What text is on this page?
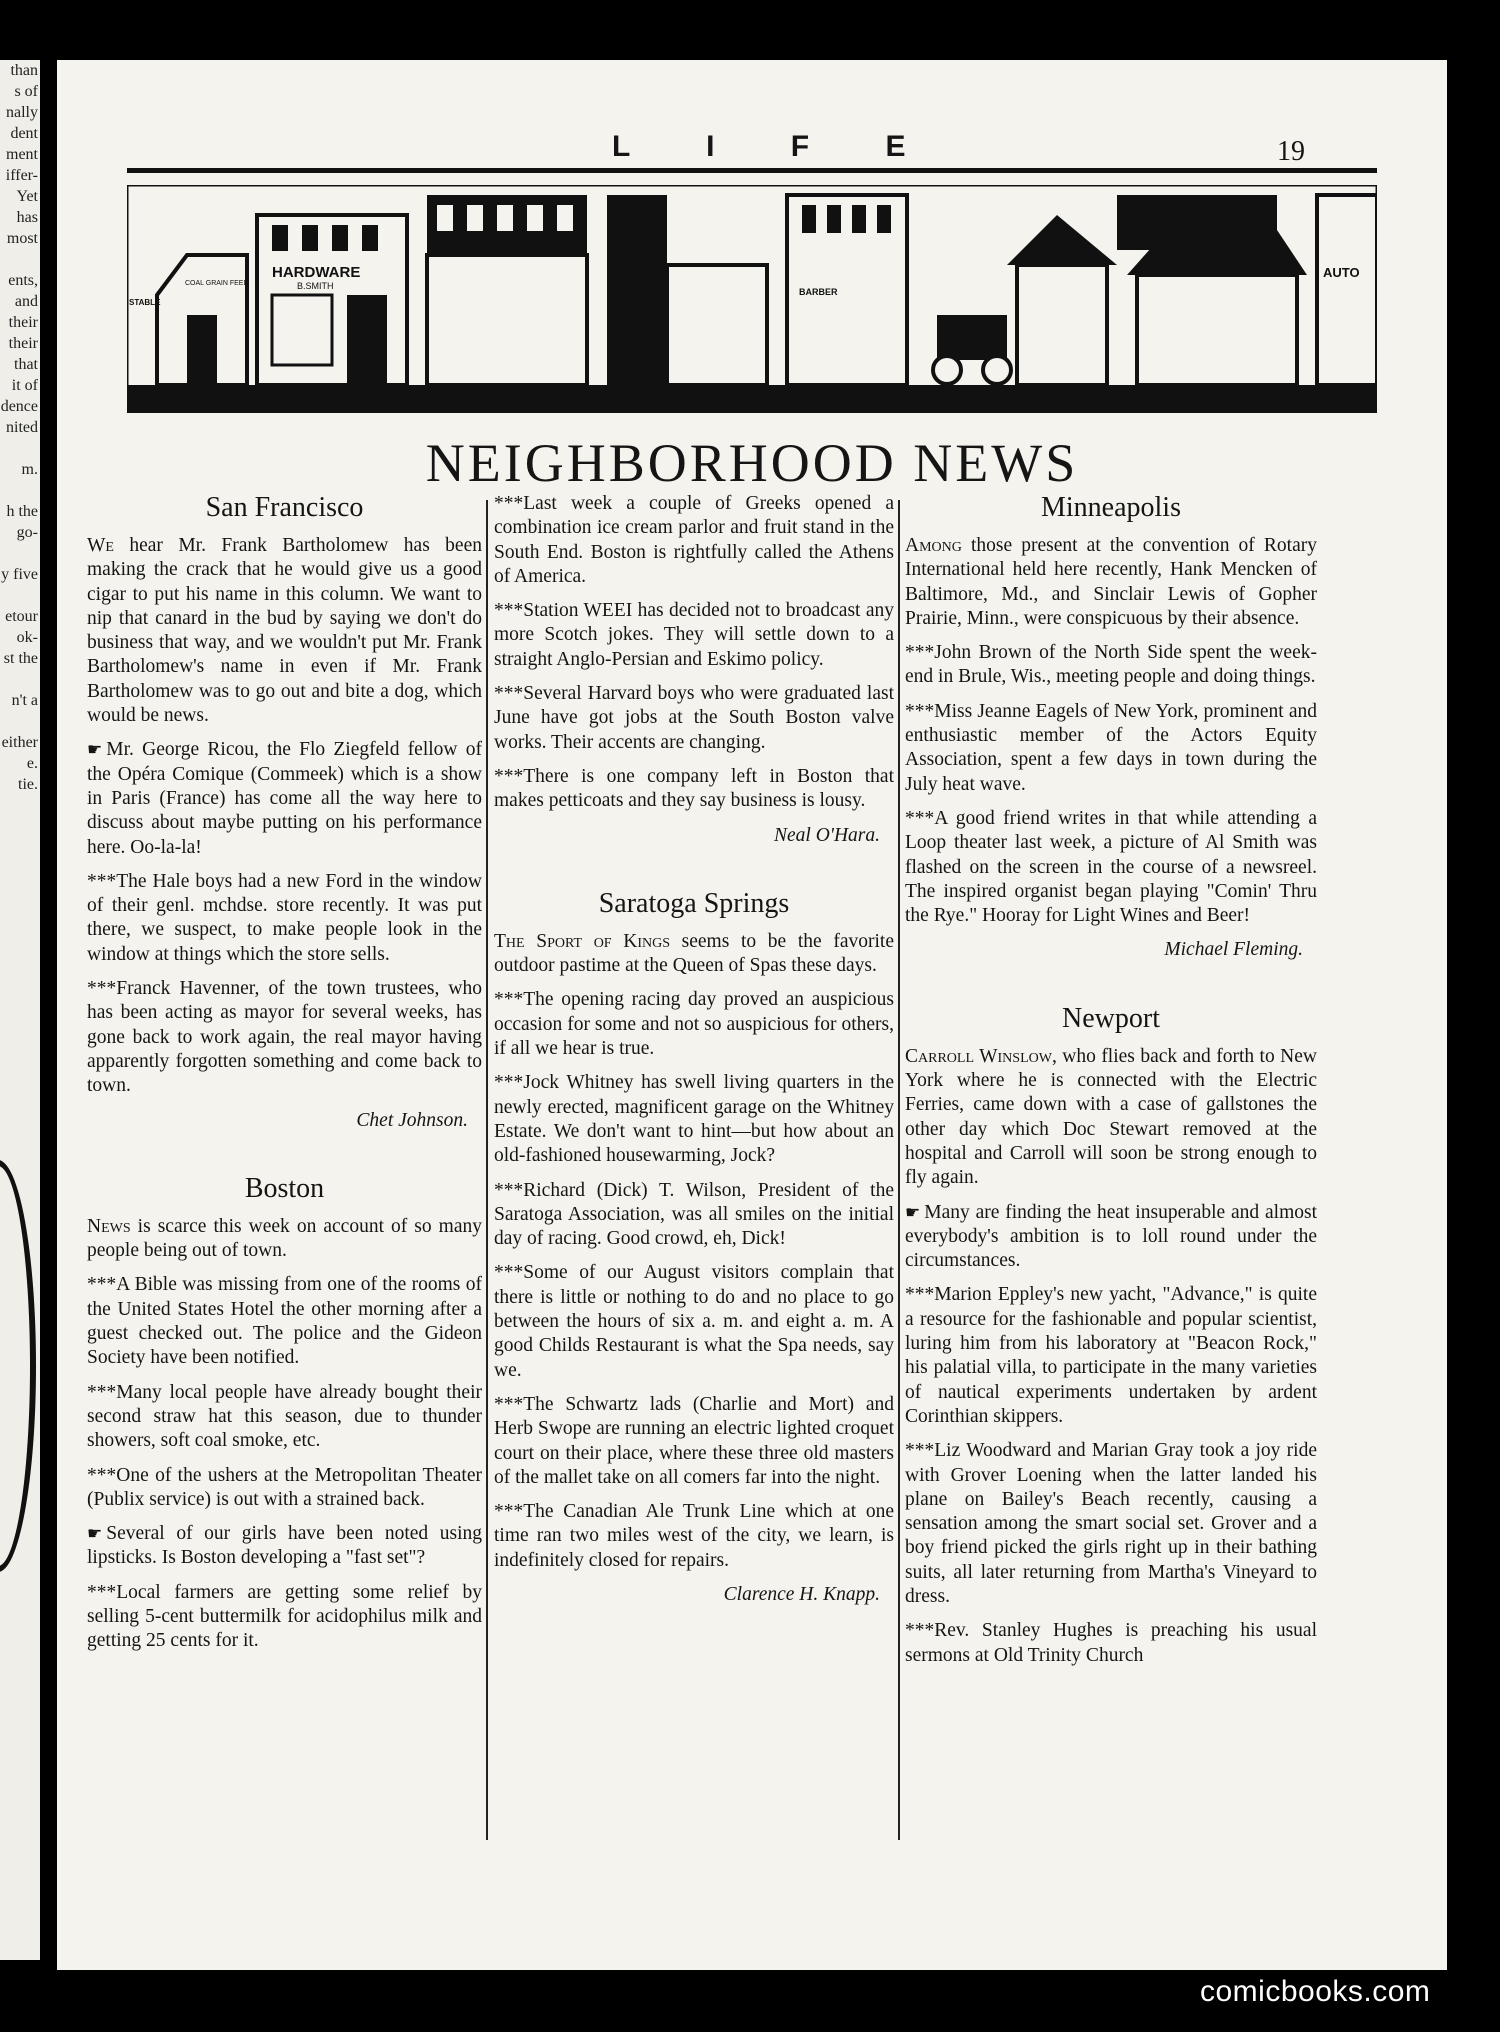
than
s of
nally
dent
ment
iffer-
Yet
has
most

ents,
and
their
their
that
it of
dence
nited

m.

h the
go-

y five

etour
ok-
st the

n't a

either
e.
tie.
L I F E	19
HARDWARE
B.SMITH
COAL GRAIN FEED
STABLE
BARBER
AUTO
NEIGHBORHOOD NEWS
San Francisco

We hear Mr. Frank Bartholomew has been making the crack that he would give us a good cigar to put his name in this column. We want to nip that canard in the bud by saying we don't do business that way, and we wouldn't put Mr. Frank Bartholomew's name in even if Mr. Frank Bartholomew was to go out and bite a dog, which would be news.

☛ Mr. George Ricou, the Flo Ziegfeld fellow of the Opéra Comique (Commeek) which is a show in Paris (France) has come all the way here to discuss about maybe putting on his performance here. Oo-la-la!

***The Hale boys had a new Ford in the window of their genl. mchdse. store recently. It was put there, we suspect, to make people look in the window at things which the store sells.

***Franck Havenner, of the town trustees, who has been acting as mayor for several weeks, has gone back to work again, the real mayor having apparently forgotten something and come back to town.

Chet Johnson.

Boston

News is scarce this week on account of so many people being out of town.

***A Bible was missing from one of the rooms of the United States Hotel the other morning after a guest checked out. The police and the Gideon Society have been notified.

***Many local people have already bought their second straw hat this season, due to thunder showers, soft coal smoke, etc.

***One of the ushers at the Metropolitan Theater (Publix service) is out with a strained back.

☛ Several of our girls have been noted using lipsticks. Is Boston developing a "fast set"?

***Local farmers are getting some relief by selling 5-cent buttermilk for acidophilus milk and getting 25 cents for it.

***Last week a couple of Greeks opened a combination ice cream parlor and fruit stand in the South End. Boston is rightfully called the Athens of America.

***Station WEEI has decided not to broadcast any more Scotch jokes. They will settle down to a straight Anglo-Persian and Eskimo policy.

***Several Harvard boys who were graduated last June have got jobs at the South Boston valve works. Their accents are changing.

***There is one company left in Boston that makes petticoats and they say business is lousy.

Neal O'Hara.

Saratoga Springs

The Sport of Kings seems to be the favorite outdoor pastime at the Queen of Spas these days.

***The opening racing day proved an auspicious occasion for some and not so auspicious for others, if all we hear is true.

***Jock Whitney has swell living quarters in the newly erected, magnificent garage on the Whitney Estate. We don't want to hint—but how about an old-fashioned housewarming, Jock?

***Richard (Dick) T. Wilson, President of the Saratoga Association, was all smiles on the initial day of racing. Good crowd, eh, Dick!

***Some of our August visitors complain that there is little or nothing to do and no place to go between the hours of six a. m. and eight a. m. A good Childs Restaurant is what the Spa needs, say we.

***The Schwartz lads (Charlie and Mort) and Herb Swope are running an electric lighted croquet court on their place, where these three old masters of the mallet take on all comers far into the night.

***The Canadian Ale Trunk Line which at one time ran two miles west of the city, we learn, is indefinitely closed for repairs.

Clarence H. Knapp.

Minneapolis

Among those present at the convention of Rotary International held here recently, Hank Mencken of Baltimore, Md., and Sinclair Lewis of Gopher Prairie, Minn., were conspicuous by their absence.

***John Brown of the North Side spent the week-end in Brule, Wis., meeting people and doing things.

***Miss Jeanne Eagels of New York, prominent and enthusiastic member of the Actors Equity Association, spent a few days in town during the July heat wave.

***A good friend writes in that while attending a Loop theater last week, a picture of Al Smith was flashed on the screen in the course of a newsreel. The inspired organist began playing "Comin' Thru the Rye." Hooray for Light Wines and Beer!

Michael Fleming.

Newport

Carroll Winslow, who flies back and forth to New York where he is connected with the Electric Ferries, came down with a case of gallstones the other day which Doc Stewart removed at the hospital and Carroll will soon be strong enough to fly again.

☛ Many are finding the heat insuperable and almost everybody's ambition is to loll round under the circumstances.

***Marion Eppley's new yacht, "Advance," is quite a resource for the fashionable and popular scientist, luring him from his laboratory at "Beacon Rock," his palatial villa, to participate in the many varieties of nautical experiments undertaken by ardent Corinthian skippers.

***Liz Woodward and Marian Gray took a joy ride with Grover Loening when the latter landed his plane on Bailey's Beach recently, causing a sensation among the smart social set. Grover and a boy friend picked the girls right up in their bathing suits, all later returning from Martha's Vineyard to dress.

***Rev. Stanley Hughes is preaching his usual sermons at Old Trinity Church

comicbooks.com
